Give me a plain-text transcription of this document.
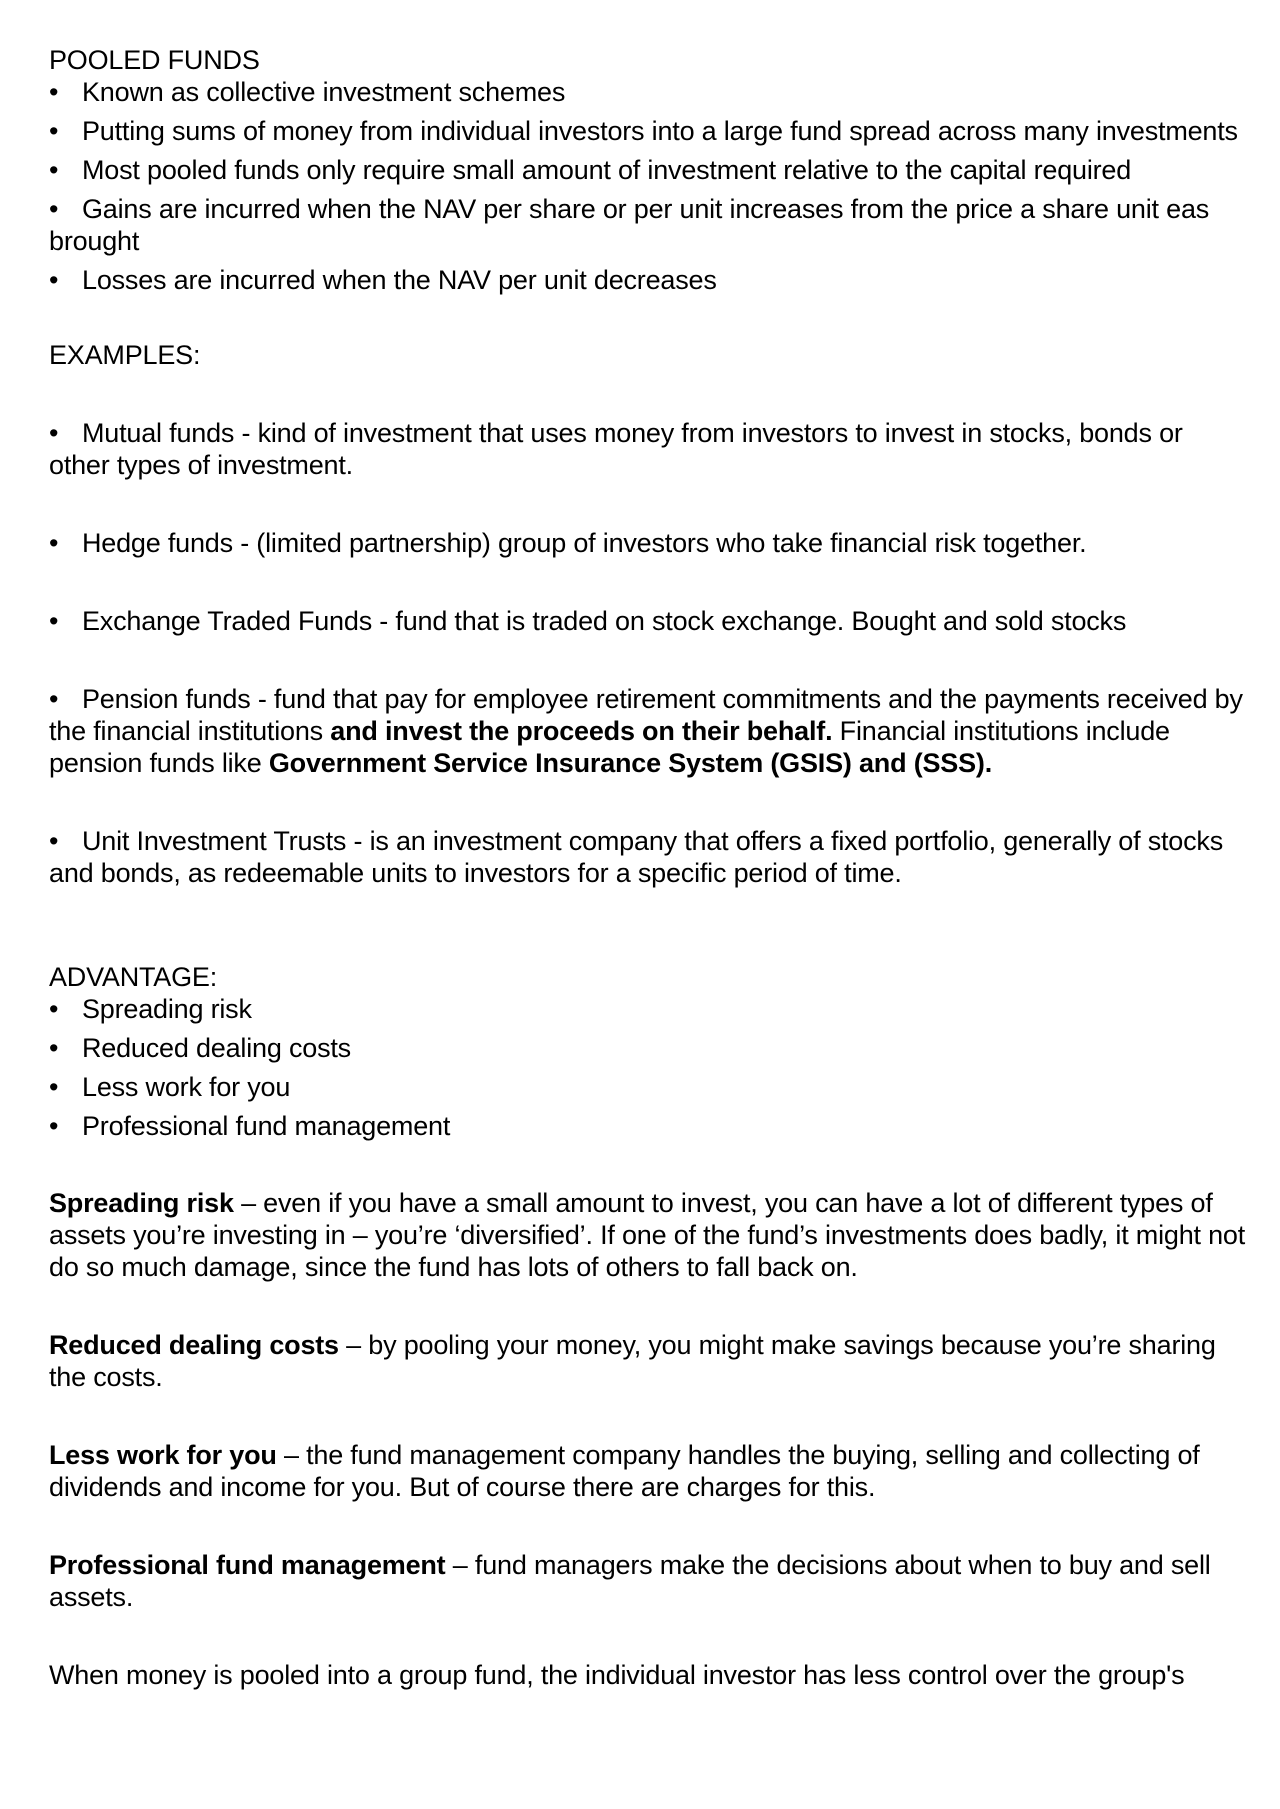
POOLED FUNDS

• Known as collective investment schemes
• Putting sums of money from individual investors into a large fund spread across many investments
• Most pooled funds only require small amount of investment relative to the capital required
• Gains are incurred when the NAV per share or per unit increases from the price a share unit eas brought
• Losses are incurred when the NAV per unit decreases

EXAMPLES:

• Mutual funds - kind of investment that uses money from investors to invest in stocks, bonds or other types of investment.

• Hedge funds - (limited partnership) group of investors who take financial risk together.

• Exchange Traded Funds - fund that is traded on stock exchange. Bought and sold stocks

• Pension funds - fund that pay for employee retirement commitments and the payments received by the financial institutions and invest the proceeds on their behalf. Financial institutions include pension funds like Government Service Insurance System (GSIS) and (SSS).

• Unit Investment Trusts - is an investment company that offers a fixed portfolio, generally of stocks and bonds, as redeemable units to investors for a specific period of time.

ADVANTAGE:

• Spreading risk
• Reduced dealing costs
• Less work for you
• Professional fund management

Spreading risk – even if you have a small amount to invest, you can have a lot of different types of assets you’re investing in – you’re ‘diversified’. If one of the fund’s investments does badly, it might not do so much damage, since the fund has lots of others to fall back on.

Reduced dealing costs – by pooling your money, you might make savings because you’re sharing the costs.

Less work for you – the fund management company handles the buying, selling and collecting of dividends and income for you. But of course there are charges for this.

Professional fund management – fund managers make the decisions about when to buy and sell assets.

When money is pooled into a group fund, the individual investor has less control over the group's
